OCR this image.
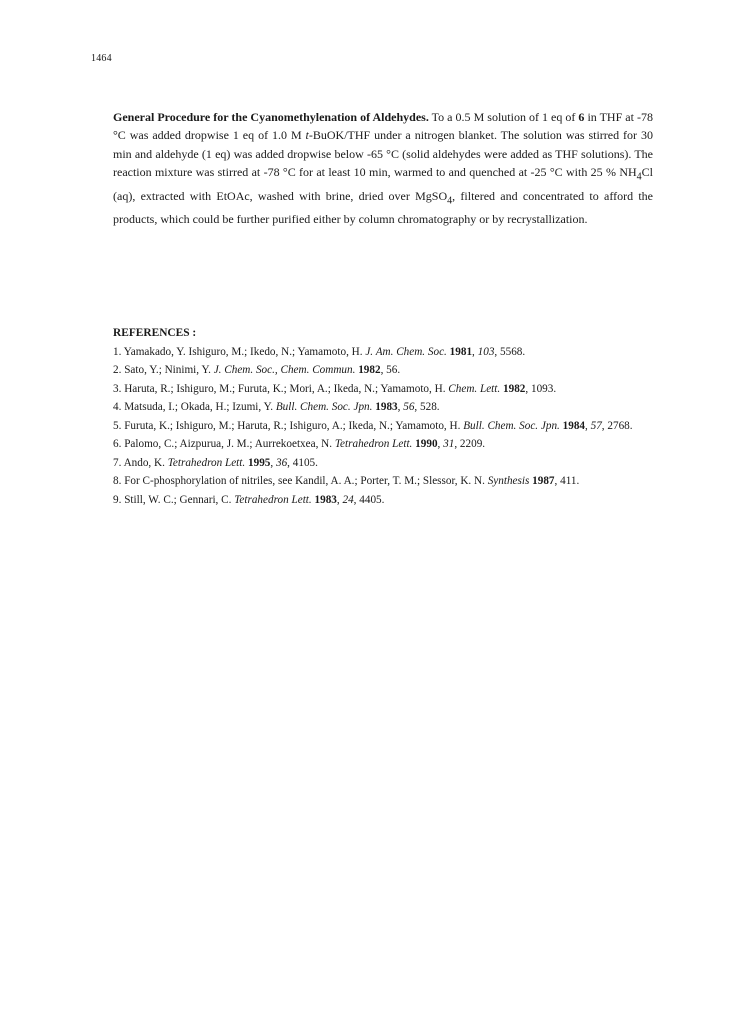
1464

General Procedure for the Cyanomethylenation of Aldehydes. To a 0.5 M solution of 1 eq of 6 in THF at -78 °C was added dropwise 1 eq of 1.0 M t-BuOK/THF under a nitrogen blanket. The solution was stirred for 30 min and aldehyde (1 eq) was added dropwise below -65 °C (solid aldehydes were added as THF solutions). The reaction mixture was stirred at -78 °C for at least 10 min, warmed to and quenched at -25 °C with 25 % $NH_4Cl$ (aq), extracted with EtOAc, washed with brine, dried over MgSO$_4$, filtered and concentrated to afford the products, which could be further purified either by column chromatography or by recrystallization.

REFERENCES :

1. Yamakado, Y. Ishiguro, M.; Ikedo, N.; Yamamoto, H. J. Am. Chem. Soc. 1981, 103, 5568.
2. Sato, Y.; Ninimi, Y. J. Chem. Soc., Chem. Commun. 1982, 56.
3. Haruta, R.; Ishiguro, M.; Furuta, K.; Mori, A.; Ikeda, N.; Yamamoto, H. Chem. Lett. 1982, 1093.
4. Matsuda, I.; Okada, H.; Izumi, Y. Bull. Chem. Soc. Jpn. 1983, 56, 528.
5. Furuta, K.; Ishiguro, M.; Haruta, R.; Ishiguro, A.; Ikeda, N.; Yamamoto, H. Bull. Chem. Soc. Jpn. 1984, 57, 2768.
6. Palomo, C.; Aizpurua, J. M.; Aurrekoetxea, N. Tetrahedron Lett. 1990, 31, 2209.
7. Ando, K. Tetrahedron Lett. 1995, 36, 4105.
8. For C-phosphorylation of nitriles, see Kandil, A. A.; Porter, T. M.; Slessor, K. N. Synthesis 1987, 411.
9. Still, W. C.; Gennari, C. Tetrahedron Lett. 1983, 24, 4405.
